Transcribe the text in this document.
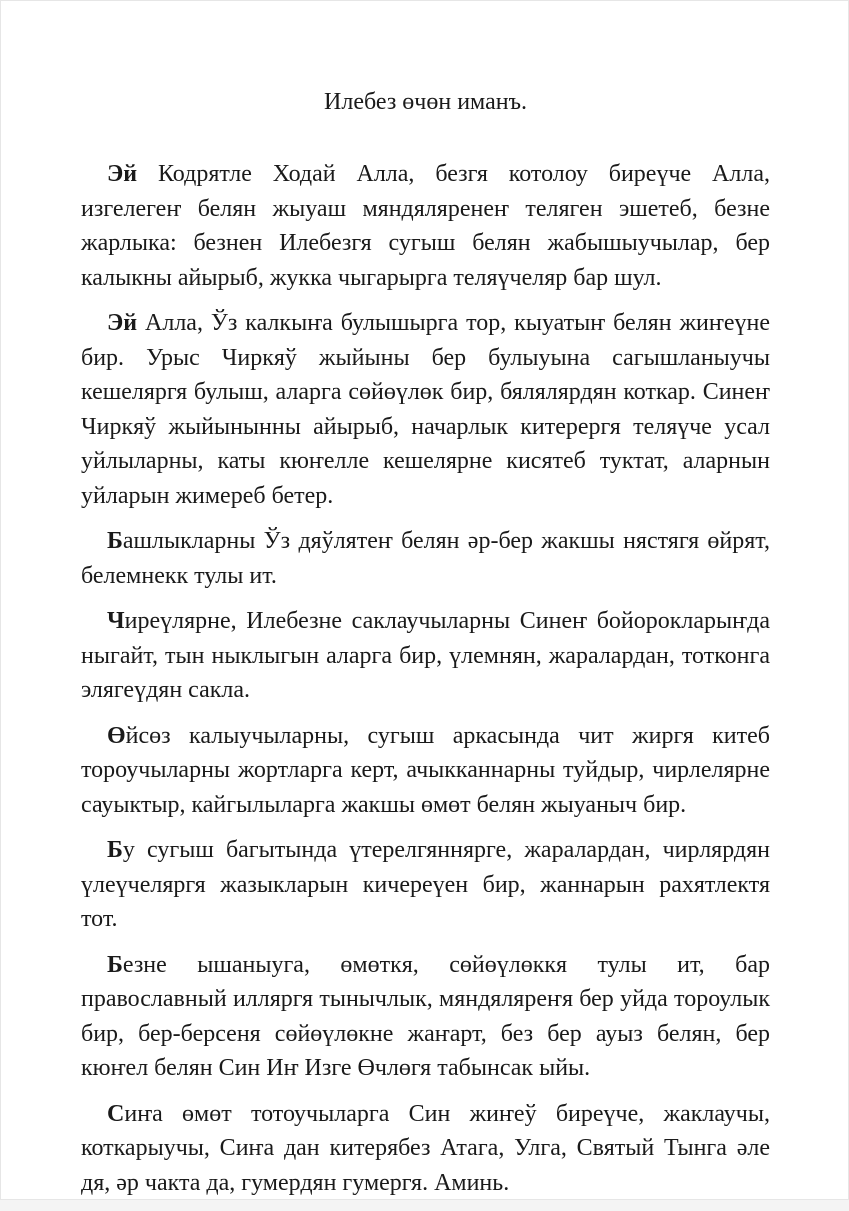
Илебез өчөн иманъ.

Эй Кодрятле Ходай Алла, безгя котолоу биреүче Алла, изгелегеҥ белян жыуаш мяндяляренеҥ теляген эшетеб, безне жарлыка: безнен Илебезгя сугыш белян жабышыучылар, бер калыкны айырыб, жукка чыгарырга теляүчеляр бар шул.

Эй Алла, Ўз калкыҥа булышырга тор, кыуатыҥ белян жиҥеүне бир. Урыс Чиркяў жыйыны бер булыуына сагышланыучы кешеляргя булыш, аларга сөйөүлөк бир, бялялярдян коткар. Синеҥ Чиркяў жыйынынны айырыб, начарлык китерергя теляүче усал уйлыларны, каты кюҥелле кешелярне кисятеб туктат, аларнын уйларын жимереб бетер.

Башлыкларны Ўз дяўлятеҥ белян әр-бер жакшы нястягя өйрят, белемнекк тулы ит.

Чиреүлярне, Илебезне саклаучыларны Синеҥ бойорокларыҥда ныгайт, тын ныклыгын аларга бир, үлемнян, жаралардан, тотконга элягеүдян сакла.

Өйсөз калыучыларны, сугыш аркасында чит жиргя китеб тороучыларны жортларга керт, ачыкканнарны туйдыр, чирлелярне сауыктыр, кайгылыларга жакшы өмөт белян жыуаныч бир.

Бу сугыш багытында үтерелгяннярге, жаралардан, чирлярдян үлеүчеляргя жазыкларын кичереүен бир, жаннарын рахятлектя тот.

Безне ышаныуга, өмөткя, сөйөүлөккя тулы ит, бар православный илляргя тынычлык, мяндяляреҥя бер уйда тороулык бир, бер-берсеня сөйөүлөкне жаҥарт, без бер ауыз белян, бер кюҥел белян Син Иҥ Изге Өчлөгя табынсак ыйы.

Сиҥа өмөт тотоучыларга Син жиҥеў биреүче, жаклаучы, коткарыучы, Сиҥа дан китерябез Атага, Улга, Святый Тынга әле дя, әр чакта да, гумердян гумергя. Аминь.
